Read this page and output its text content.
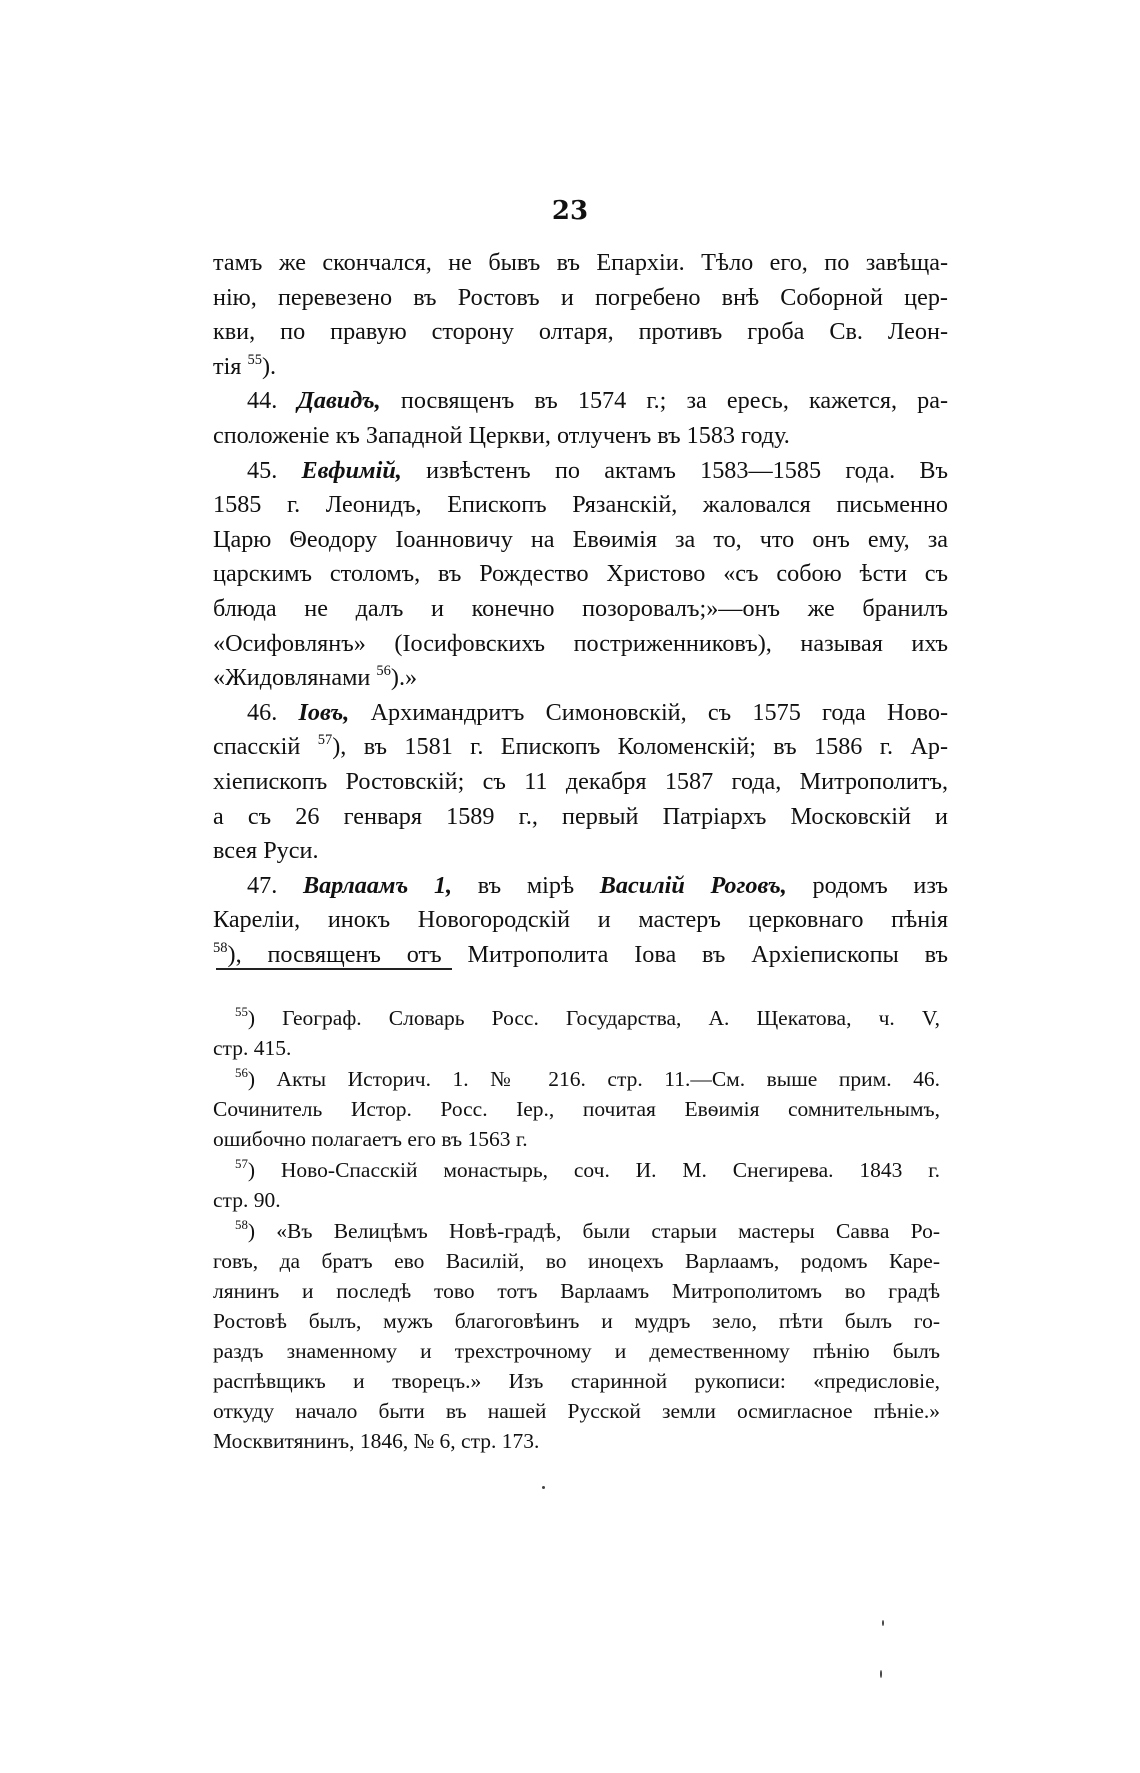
23

тамъ же скончался, не бывъ въ Епархіи. Тѣло его, по завѣща-
нію, перевезено въ Ростовъ и погребено внѣ Соборной цер-
кви, по правую сторону олтаря, противъ гроба Св. Леон-
тія $^{55}$).

44. Давидъ, посвященъ въ 1574 г.; за ересь, кажется, ра-
сположеніе къ Западной Церкви, отлученъ въ 1583 году.

45. Евфимій, извѣстенъ по актамъ 1583—1585 года. Въ
1585 г. Леонидъ, Епископъ Рязанскій, жаловался письменно
Царю Θеодору Іоанновичу на Евѳимія за то, что онъ ему, за
царскимъ столомъ, въ Рождество Христово «съ собою ѣсти съ
блюда не далъ и конечно позоровалъ;»—онъ же бранилъ
«Осифовлянъ» (Іосифовскихъ постриженниковъ), называя ихъ
«Жидовлянами $^{56}$).»

46. Іовъ, Архимандритъ Симоновскій, съ 1575 года Ново-
спасскій $^{57}$), въ 1581 г. Епископъ Коломенскій; въ 1586 г. Ар-
хіепископъ Ростовскій; съ 11 декабря 1587 года, Митрополитъ,
а съ 26 генваря 1589 г., первый Патріархъ Московскій и
всея Руси.

47. Варлаамъ 1, въ мірѣ Василій Роговъ, родомъ изъ
Кареліи, инокъ Новогородскій и мастеръ церковнаго пѣнія
$^{58}$), посвященъ отъ Митрополита Іова въ Архіепископы въ

$^{55}$) Географ. Словарь Росс. Государства, А. Щекатова, ч. V,
стр. 415.

$^{56}$) Акты Историч. 1. № 216. стр. 11.—См. выше прим. 46.
Сочинитель Истор. Росс. Іер., почитая Евѳимія сомнительнымъ,
ошибочно полагаетъ его въ 1563 г.

$^{57}$) Ново-Спасскій монастырь, соч. И. М. Снегирева. 1843 г.
стр. 90.

$^{58}$) «Въ Велицѣмъ Новѣ-градѣ, были старыи мастеры Савва Ро-
говъ, да братъ ево Василій, во иноцехъ Варлаамъ, родомъ Каре-
лянинъ и последѣ тово тотъ Варлаамъ Митрополитомъ во градѣ
Ростовѣ былъ, мужъ благоговѣинъ и мудръ зело, пѣти былъ го-
раздъ знаменному и трехстрочному и демественному пѣнію былъ
распѣвщикъ и творецъ.» Изъ старинной рукописи: «предисловіе,
откуду начало быти въ нашей Русской земли осмигласное пѣніе.»
Москвитянинъ, 1846, № 6, стр. 173.
